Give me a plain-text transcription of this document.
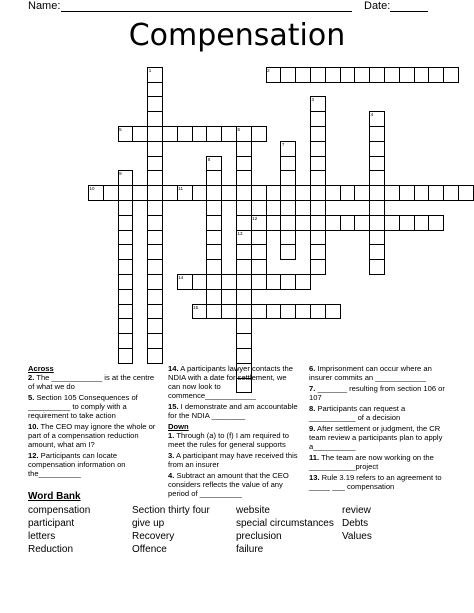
Name:	Date:
Compensation
1	2
3
4
5	6
7
8
9
10	11
12
13
14
15
Across
2. The ____________ is at the centre of what we do
5. Section 105 Consequences of __________ to comply with a requirement to take action
10. The CEO may ignore the whole or part of a compensation reduction amount, what am I?
12. Participants can locate compensation information on the__________
14. A participants lawyer contacts the NDIA with a date for settlement, we can now look to commence____________
15. I demonstrate and am accountable for the NDIA ________
Down
1. Through (a) to (f) I am required to meet the rules for general supports
3. A participant may have received this from an insurer
4. Subtract an amount that the CEO considers reflects the value of any period of __________
6. Imprisonment can occur where an insurer commits an ____________
7. _______ resulting from section 106 or 107
8. Participants can request a ___________ of a decision
9. After settlement or judgment, the CR team review a participants plan to apply a__________
11. The team are now working on the ___________project
13. Rule 3.19 refers to an agreement to _____ ___ compensation
Word Bank
compensation
participant
letters
Reduction
Section thirty four
give up
Recovery
Offence
website
special circumstances
preclusion
failure
review
Debts
Values
